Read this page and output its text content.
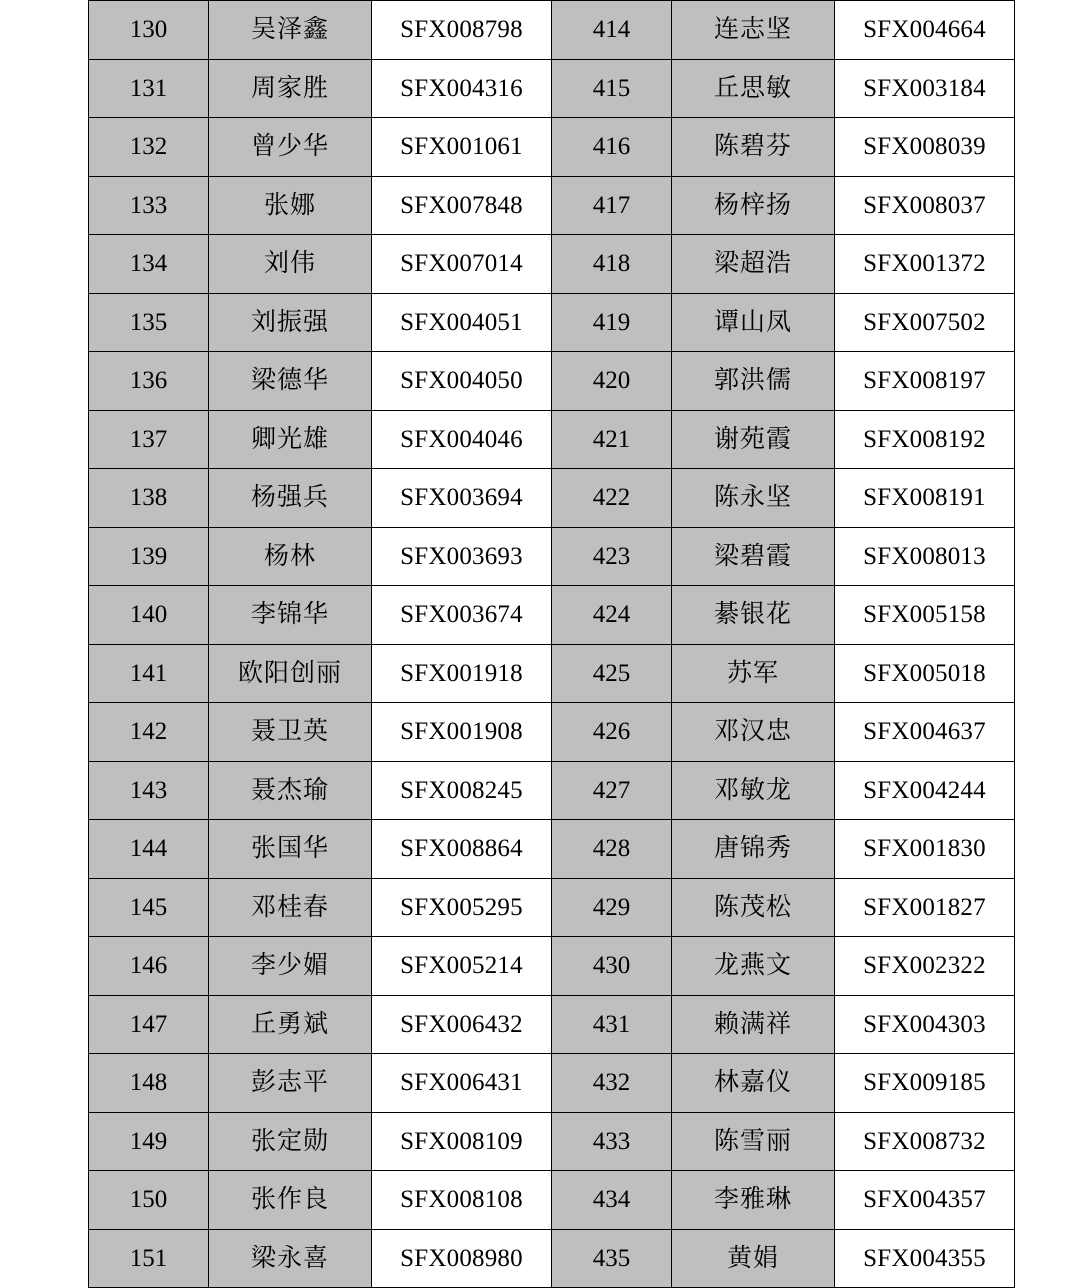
130	吴泽鑫	SFX008798	414	连志坚	SFX004664
131	周家胜	SFX004316	415	丘思敏	SFX003184
132	曾少华	SFX001061	416	陈碧芬	SFX008039
133	张娜	SFX007848	417	杨梓扬	SFX008037
134	刘伟	SFX007014	418	梁超浩	SFX001372
135	刘振强	SFX004051	419	谭山凤	SFX007502
136	梁德华	SFX004050	420	郭洪儒	SFX008197
137	卿光雄	SFX004046	421	谢苑霞	SFX008192
138	杨强兵	SFX003694	422	陈永坚	SFX008191
139	杨林	SFX003693	423	梁碧霞	SFX008013
140	李锦华	SFX003674	424	綦银花	SFX005158
141	欧阳创丽	SFX001918	425	苏军	SFX005018
142	聂卫英	SFX001908	426	邓汉忠	SFX004637
143	聂杰瑜	SFX008245	427	邓敏龙	SFX004244
144	张国华	SFX008864	428	唐锦秀	SFX001830
145	邓桂春	SFX005295	429	陈茂松	SFX001827
146	李少媚	SFX005214	430	龙燕文	SFX002322
147	丘勇斌	SFX006432	431	赖满祥	SFX004303
148	彭志平	SFX006431	432	林嘉仪	SFX009185
149	张定勋	SFX008109	433	陈雪丽	SFX008732
150	张作良	SFX008108	434	李雅琳	SFX004357
151	梁永喜	SFX008980	435	黄娟	SFX004355
